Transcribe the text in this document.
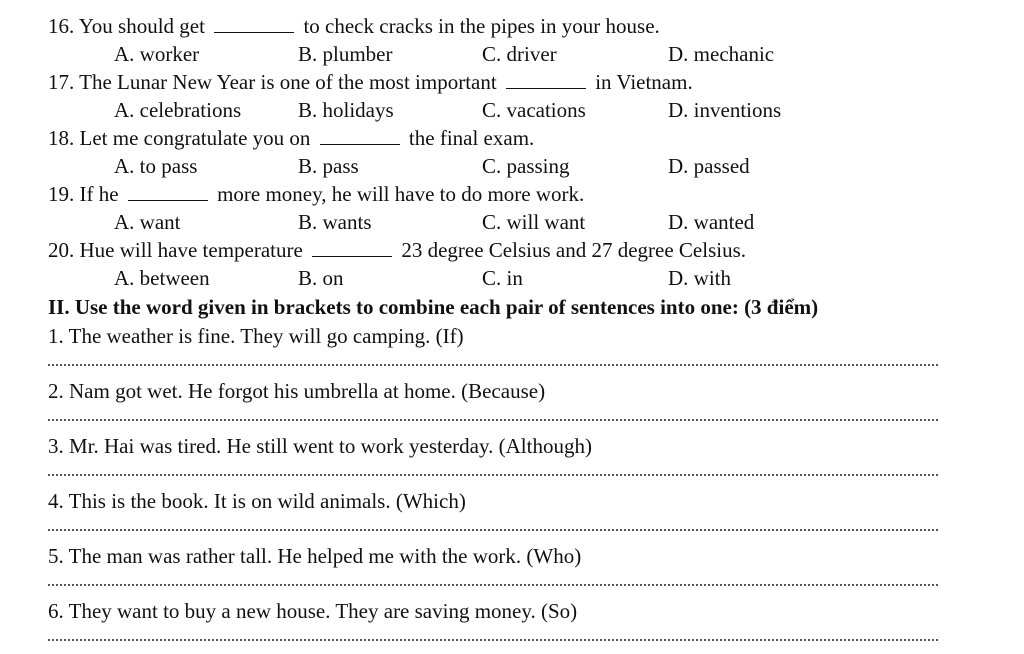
16. You should get	to check cracks in the pipes in your house.
A. worker	B. plumber	C. driver	D. mechanic
17. The Lunar New Year is one of the most important	in Vietnam.
A. celebrations	B. holidays	C. vacations	D. inventions
18. Let me congratulate you on	the final exam.
A. to pass	B. pass	C. passing	D. passed
19. If he	more money, he will have to do more work.
A. want	B. wants	C. will want	D. wanted
20. Hue will have temperature	23 degree Celsius and 27 degree Celsius.
A. between	B. on	C. in	D. with
II. Use the word given in brackets to combine each pair of sentences into one: (3 điểm)
1. The weather is fine. They will go camping. (If)
2. Nam got wet. He forgot his umbrella at home. (Because)
3. Mr. Hai was tired. He still went to work yesterday. (Although)
4. This is the book. It is on wild animals. (Which)
5. The man was rather tall. He helped me with the work. (Who)
6. They want to buy a new house. They are saving money. (So)
